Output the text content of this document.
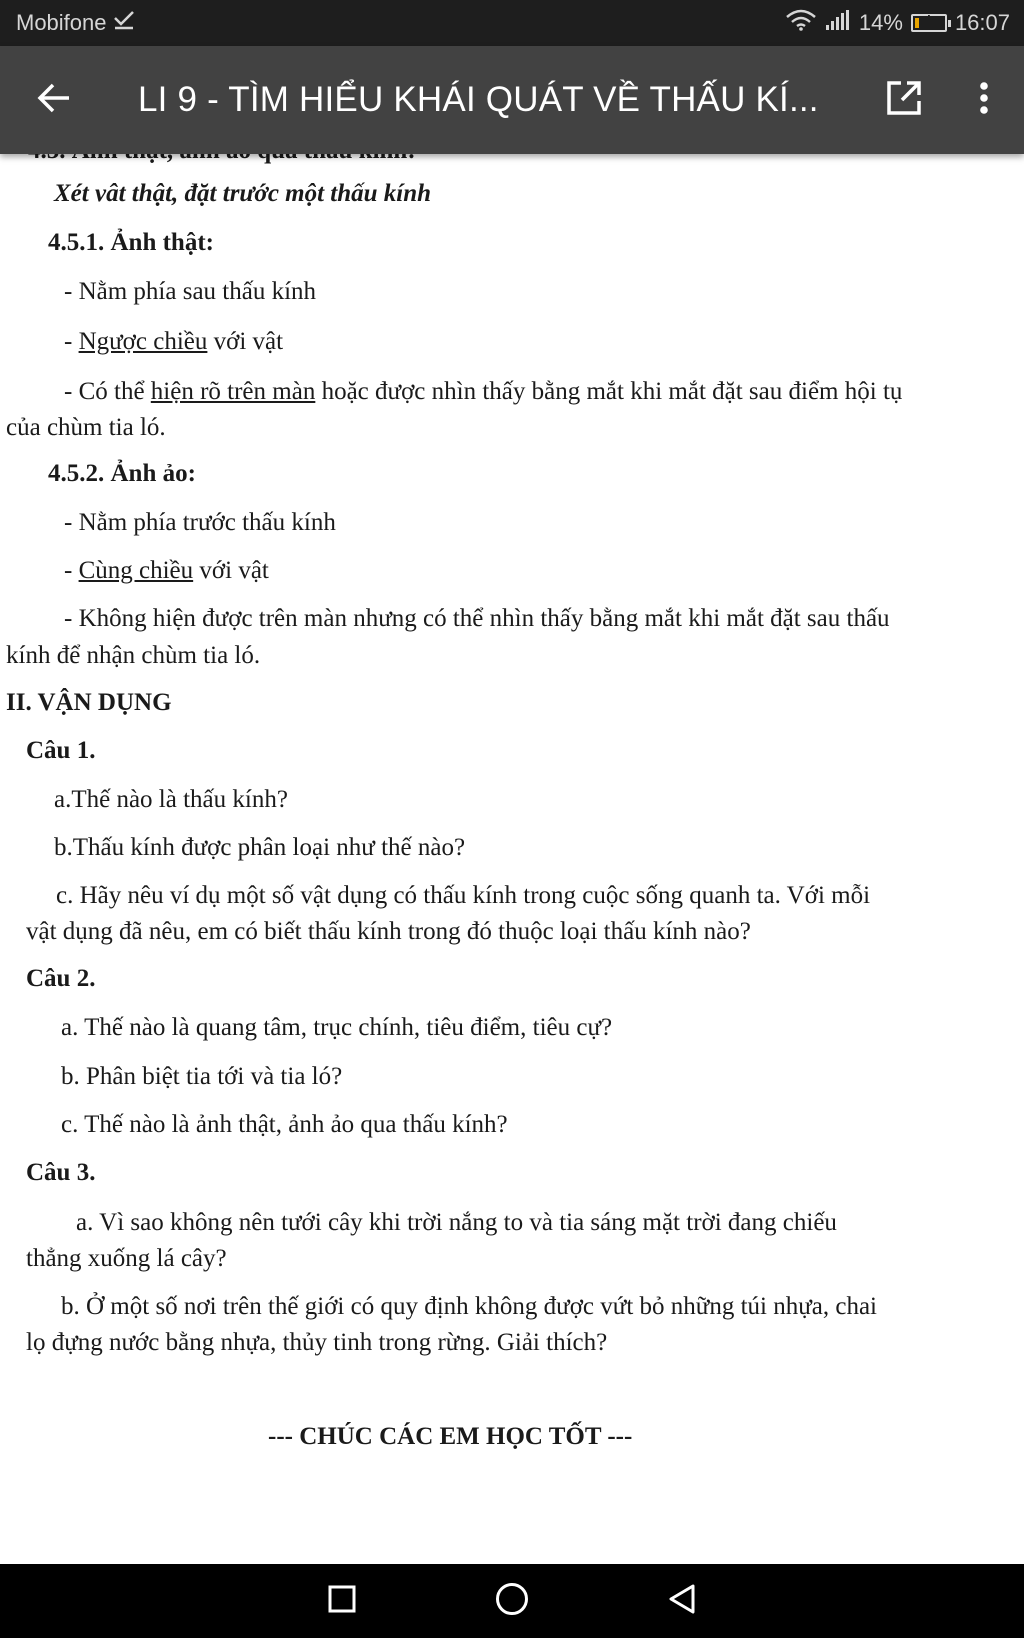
Mobifone	14%	+ 16:07
LI 9 - TÌM HIỂU KHÁI QUÁT VỀ THẤU KÍ...

Xét vât thật, đặt trước một thấu kính

4.5.1. Ảnh thật:

- Nằm phía sau thấu kính

- Ngược chiều với vật

- Có thể hiện rõ trên màn hoặc được nhìn thấy bằng mắt khi mắt đặt sau điểm hội tụ

của chùm tia ló.

4.5.2. Ảnh ảo:

- Nằm phía trước thấu kính

- Cùng chiều với vật

- Không hiện được trên màn nhưng có thể nhìn thấy bằng mắt khi mắt đặt sau thấu

kính để nhận chùm tia ló.

II. VẬN DỤNG

Câu 1.

a.Thế nào là thấu kính?

b.Thấu kính được phân loại như thế nào?

c. Hãy nêu ví dụ một số vật dụng có thấu kính trong cuộc sống quanh ta. Với mỗi

vật dụng đã nêu, em có biết thấu kính trong đó thuộc loại thấu kính nào?

Câu 2.

a. Thế nào là quang tâm, trục chính, tiêu điểm, tiêu cự?

b. Phân biệt tia tới và tia ló?

c. Thế nào là ảnh thật, ảnh ảo qua thấu kính?

Câu 3.

a. Vì sao không nên tưới cây khi trời nắng to và tia sáng mặt trời đang chiếu

thẳng xuống lá cây?

b. Ở một số nơi trên thế giới có quy định không được vứt bỏ những túi nhựa, chai

lọ đựng nước bằng nhựa, thủy tinh trong rừng. Giải thích?

--- CHÚC CÁC EM HỌC TỐT ---
